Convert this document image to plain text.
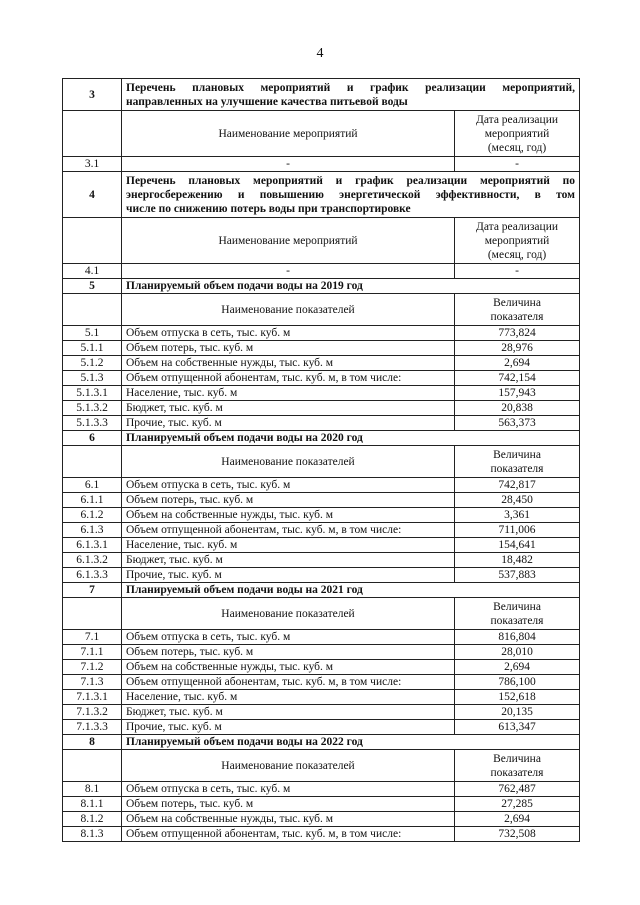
4
3	Перечень плановых мероприятий и график реализации мероприятий,
направленных на улучшение качества питьевой воды	
	Наименование мероприятий	Дата реализации
мероприятий
(месяц, год)

3.1	-	-
4	Перечень плановых мероприятий и график реализации мероприятий по
энергосбережению и повышению энергетической эффективности, в том
числе по снижению потерь воды при транспортировке	
	Наименование мероприятий	Дата реализации
мероприятий
(месяц, год)

4.1	-	-
5	Планируемый объем подачи воды на 2019 год	
	Наименование показателей	Величина
показателя

5.1	Объем отпуска в сеть, тыс. куб. м	773,824
5.1.1	Объем потерь, тыс. куб. м	28,976
5.1.2	Объем на собственные нужды, тыс. куб. м	2,694
5.1.3	Объем отпущенной абонентам, тыс. куб. м, в том числе:	742,154
5.1.3.1	Население, тыс. куб. м	157,943
5.1.3.2	Бюджет, тыс. куб. м	20,838
5.1.3.3	Прочие, тыс. куб. м	563,373
6	Планируемый объем подачи воды на 2020 год	
	Наименование показателей	Величина
показателя

6.1	Объем отпуска в сеть, тыс. куб. м	742,817
6.1.1	Объем потерь, тыс. куб. м	28,450
6.1.2	Объем на собственные нужды, тыс. куб. м	3,361
6.1.3	Объем отпущенной абонентам, тыс. куб. м, в том числе:	711,006
6.1.3.1	Население, тыс. куб. м	154,641
6.1.3.2	Бюджет, тыс. куб. м	18,482
6.1.3.3	Прочие, тыс. куб. м	537,883
7	Планируемый объем подачи воды на 2021 год	
	Наименование показателей	Величина
показателя

7.1	Объем отпуска в сеть, тыс. куб. м	816,804
7.1.1	Объем потерь, тыс. куб. м	28,010
7.1.2	Объем на собственные нужды, тыс. куб. м	2,694
7.1.3	Объем отпущенной абонентам, тыс. куб. м, в том числе:	786,100
7.1.3.1	Население, тыс. куб. м	152,618
7.1.3.2	Бюджет, тыс. куб. м	20,135
7.1.3.3	Прочие, тыс. куб. м	613,347
8	Планируемый объем подачи воды на 2022 год	
	Наименование показателей	Величина
показателя

8.1	Объем отпуска в сеть, тыс. куб. м	762,487
8.1.1	Объем потерь, тыс. куб. м	27,285
8.1.2	Объем на собственные нужды, тыс. куб. м	2,694
8.1.3	Объем отпущенной абонентам, тыс. куб. м, в том числе:	732,508
